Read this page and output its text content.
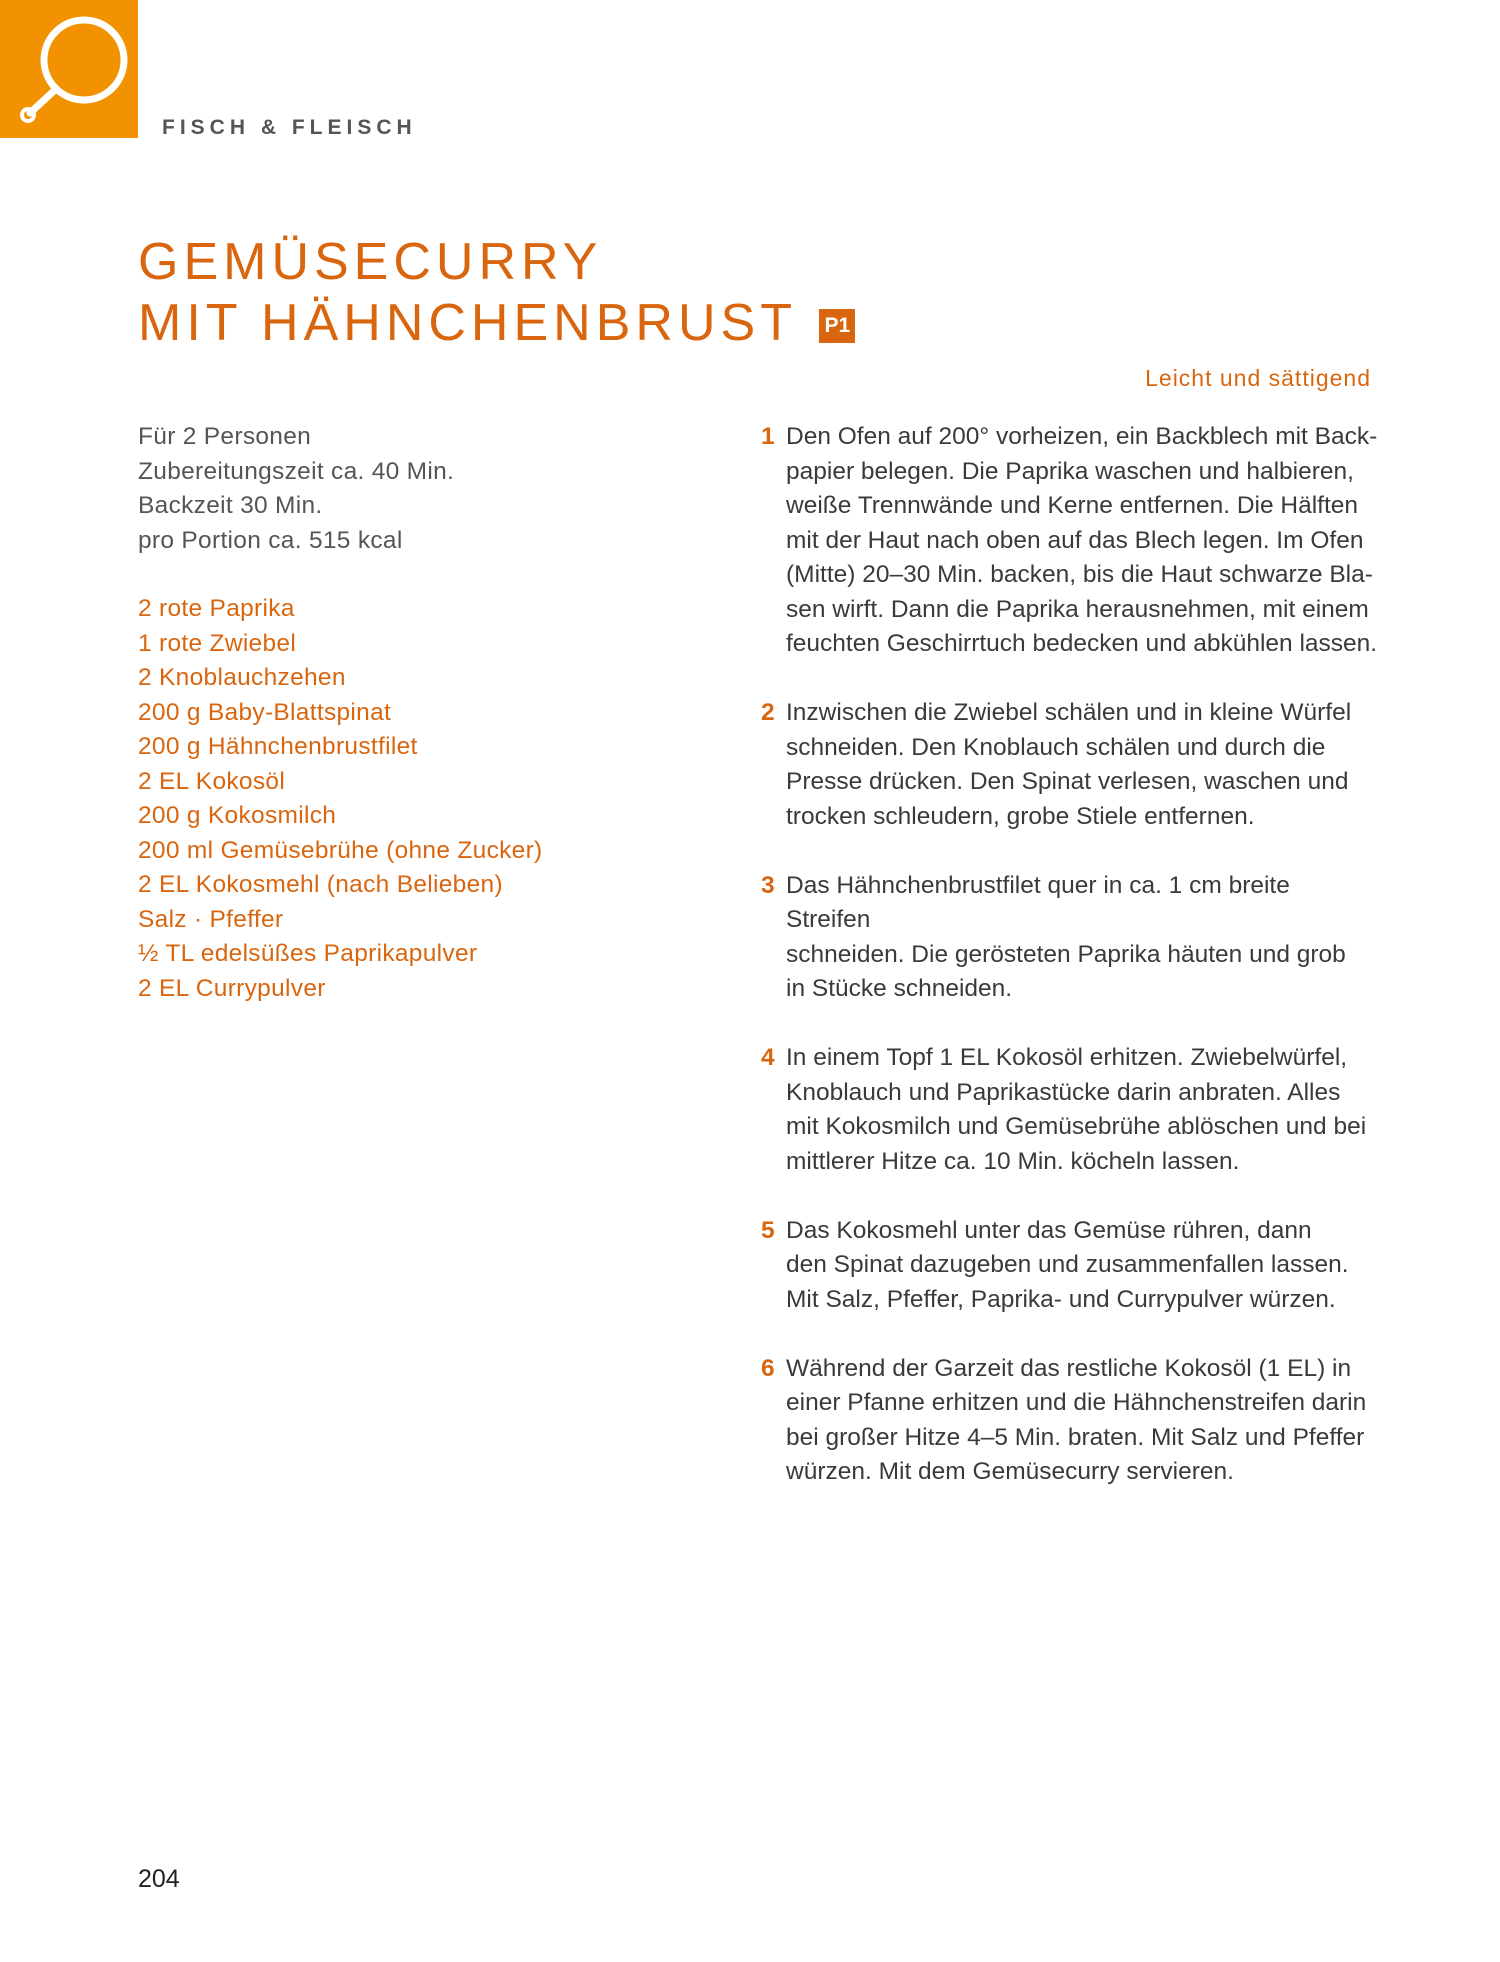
FISCH & FLEISCH
GEMÜSECURRY
MIT HÄHNCHENBRUST P1
Leicht und sättigend
Für 2 Personen
Zubereitungszeit ca. 40 Min.
Backzeit 30 Min.
pro Portion ca. 515 kcal
2 rote Paprika
1 rote Zwiebel
2 Knoblauchzehen
200 g Baby-Blattspinat
200 g Hähnchenbrustfilet
2 EL Kokosöl
200 g Kokosmilch
200 ml Gemüsebrühe (ohne Zucker)
2 EL Kokosmehl (nach Belieben)
Salz · Pfeffer
½ TL edelsüßes Paprikapulver
2 EL Currypulver
1 Den Ofen auf 200° vorheizen, ein Backblech mit Back-
papier belegen. Die Paprika waschen und halbieren,
weiße Trennwände und Kerne entfernen. Die Hälften
mit der Haut nach oben auf das Blech legen. Im Ofen
(Mitte) 20–30 Min. backen, bis die Haut schwarze Bla-
sen wirft. Dann die Paprika herausnehmen, mit einem
feuchten Geschirrtuch bedecken und abkühlen lassen.
2 Inzwischen die Zwiebel schälen und in kleine Würfel
schneiden. Den Knoblauch schälen und durch die
Presse drücken. Den Spinat verlesen, waschen und
trocken schleudern, grobe Stiele entfernen.
3 Das Hähnchenbrustfilet quer in ca. 1 cm breite Streifen
schneiden. Die gerösteten Paprika häuten und grob
in Stücke schneiden.
4 In einem Topf 1 EL Kokosöl erhitzen. Zwiebelwürfel,
Knoblauch und Paprikastücke darin anbraten. Alles
mit Kokosmilch und Gemüsebrühe ablöschen und bei
mittlerer Hitze ca. 10 Min. köcheln lassen.
5 Das Kokosmehl unter das Gemüse rühren, dann
den Spinat dazugeben und zusammenfallen lassen.
Mit Salz, Pfeffer, Paprika- und Currypulver würzen.
6 Während der Garzeit das restliche Kokosöl (1 EL) in
einer Pfanne erhitzen und die Hähnchenstreifen darin
bei großer Hitze 4–5 Min. braten. Mit Salz und Pfeffer
würzen. Mit dem Gemüsecurry servieren.
204
